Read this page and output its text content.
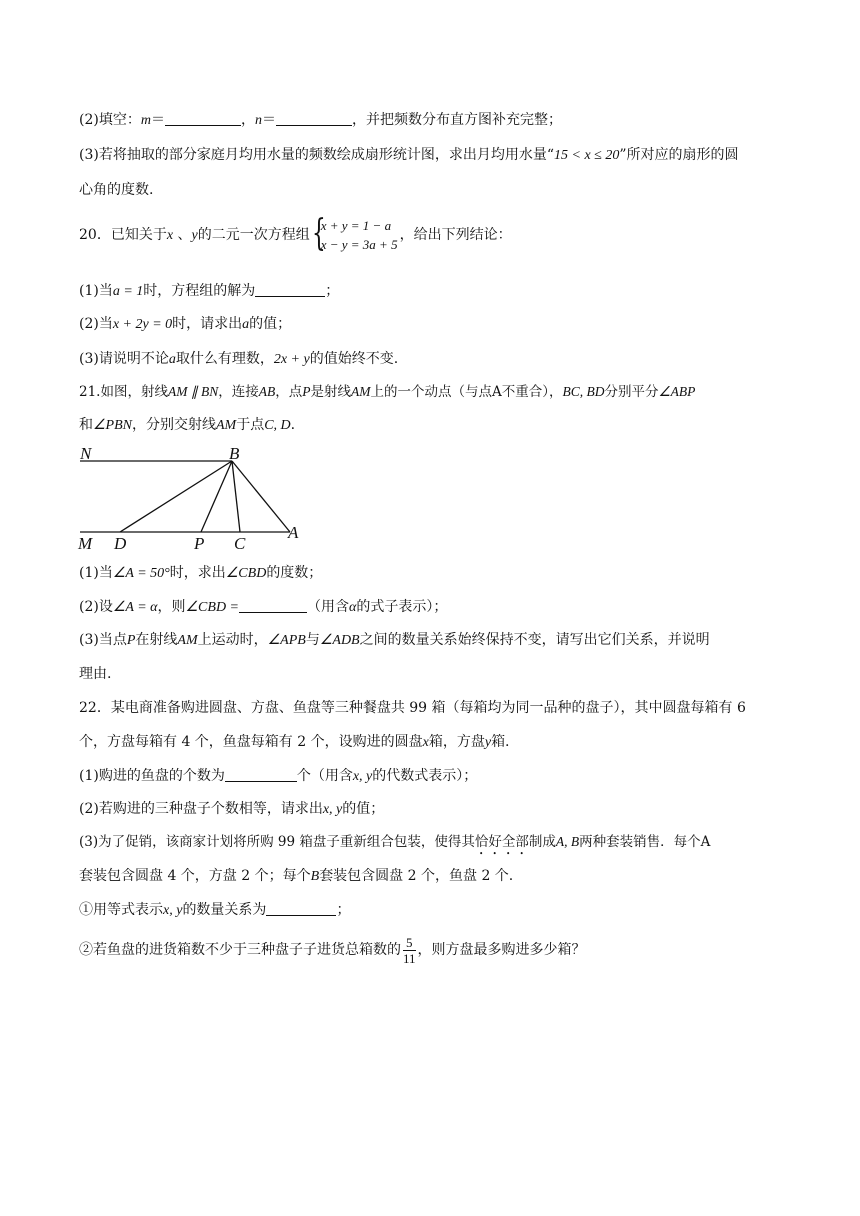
(2)填空：m＝	，n＝	，并把频数分布直方图补充完整；
(3)若将抽取的部分家庭月均用水量的频数绘成扇形统计图，求出月均用水量“15 < x ≤ 20”所对应的扇形的圆
心角的度数.
20．已知关于x 、y的二元一次方程组 {
x + y = 1 − a
x − y = 3a + 5
，给出下列结论：
(1)当a = 1时，方程组的解为	；
(2)当x + 2y = 0时，请求出a的值；
(3)请说明不论a取什么有理数，2x + y的值始终不变.
21.如图，射线AM ∥ BN，连接AB，点P是射线AM上的一个动点（与点A不重合），BC, BD分别平分∠ABP
和∠PBN，分别交射线AM于点C, D.
N	B
M D	P C
A
(1)当∠A = 50°时，求出∠CBD的度数；
(2)设∠A = α，则∠CBD =	（用含α的式子表示）；
(3)当点P在射线AM上运动时，∠APB与∠ADB之间的数量关系始终保持不变，请写出它们关系，并说明
理由.
22．某电商准备购进圆盘、方盘、鱼盘等三种餐盘共 99 箱（每箱均为同一品种的盘子），其中圆盘每箱有 6
个，方盘每箱有 4 个，鱼盘每箱有 2 个，设购进的圆盘x箱，方盘y箱.
(1)购进的鱼盘的个数为	个（用含x, y的代数式表示）；
(2)若购进的三种盘子个数相等，请求出x, y的值；
(3)为了促销，该商家计划将所购 99 箱盘子重新组合包装，使得其恰好全部制成A, B两种套装销售．每个A
套装包含圆盘 4 个，方盘 2 个；每个B套装包含圆盘 2 个，鱼盘 2 个.
①用等式表示x, y的数量关系为	；
②若鱼盘的进货箱数不少于三种盘子子进货总箱数的 $\frac{5}{11}$ ，则方盘最多购进多少箱？
